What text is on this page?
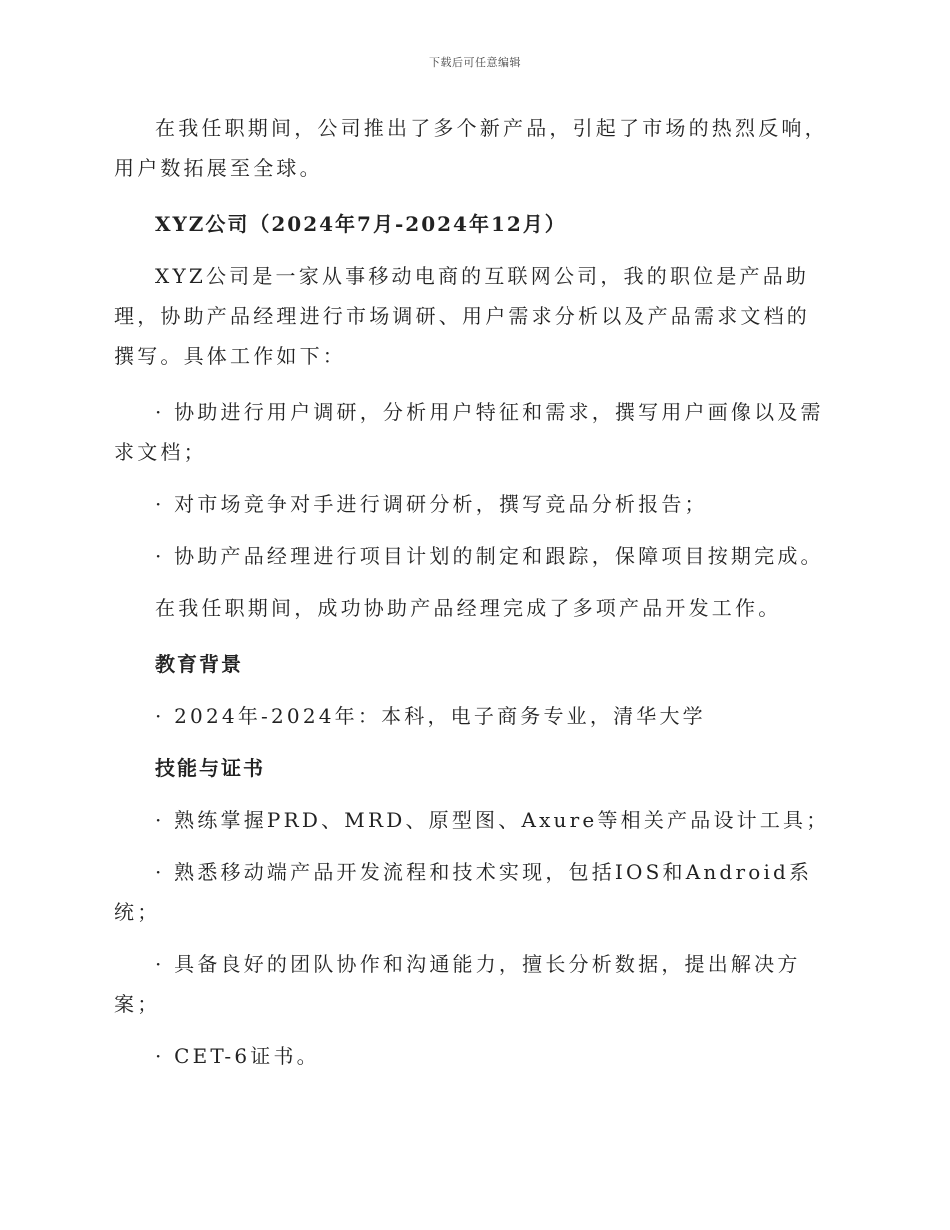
下载后可任意编辑

在我任职期间，公司推出了多个新产品，引起了市场的热烈反响，用户数拓展至全球。

XYZ公司（2024年7月-2024年12月）

XYZ公司是一家从事移动电商的互联网公司，我的职位是产品助理，协助产品经理进行市场调研、用户需求分析以及产品需求文档的撰写。具体工作如下：

· 协助进行用户调研，分析用户特征和需求，撰写用户画像以及需求文档；

· 对市场竞争对手进行调研分析，撰写竞品分析报告；

· 协助产品经理进行项目计划的制定和跟踪，保障项目按期完成。

在我任职期间，成功协助产品经理完成了多项产品开发工作。

教育背景

· 2024年-2024年：本科，电子商务专业，清华大学

技能与证书

· 熟练掌握PRD、MRD、原型图、Axure等相关产品设计工具；

· 熟悉移动端产品开发流程和技术实现，包括IOS和Android系统；

· 具备良好的团队协作和沟通能力，擅长分析数据，提出解决方案；

· CET-6证书。
